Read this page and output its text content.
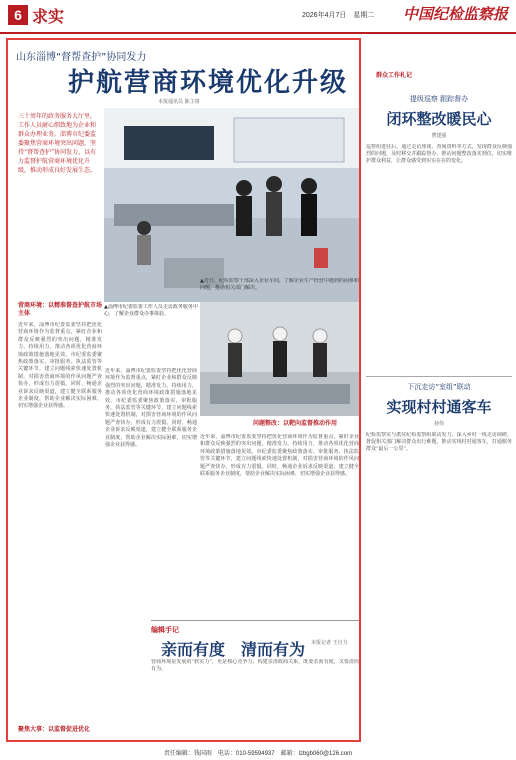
6 求实	2026年4月7日　星期二 中国纪检监察报
山东淄博“督帮查护”协同发力
护航营商环境优化升级
本报通讯员 陈主将
三十周年的政务服务大厅里，工作人员耐心细致地为企业和群众办理业务。淄博市纪委监委聚焦营商环境突出问题，坚持“督帮查护”协同发力，以有力监督护航营商环境优化升级，推动形成良好发展生态。
▲淄博市纪委监委工作人员走访政务服务中心，了解企业群众办事体验。
营商环境：以精准督查护航市场主体
近年来，淄博市纪委监委坚持把优化营商环境作为监督重点，紧盯企业和群众反映强烈的突出问题，精准发力、持续用力，推动各项优化营商环境政策措施落地见效。市纪委监委聚焦政策落实、审批服务、执法监管等关键环节，建立问题线索快速处置机制，对损害营商环境的作风问题严查快办，形成有力震慑。同时，畅通企业诉求反映渠道，建立健全联系服务企业制度，帮助企业解决实际困难，切实增强企业获得感。
近年来，淄博市纪委监委坚持把优化营商环境作为监督重点，紧盯企业和群众反映强烈的突出问题，精准发力、持续用力，推动各项优化营商环境政策措施落地见效。市纪委监委聚焦政策落实、审批服务、执法监管等关键环节，建立问题线索快速处置机制，对损害营商环境的作风问题严查快办，形成有力震慑。同时，畅通企业诉求反映渠道，建立健全联系服务企业制度，帮助企业解决实际困难，切实增强企业获得感。
▲近日，纪检监察干部深入企业车间，了解企业生产经营中遇到的困难和问题，推动相关部门解决。
问题整改：以靶向监督推动作用
近年来，淄博市纪委监委坚持把优化营商环境作为监督重点，紧盯企业和群众反映强烈的突出问题，精准发力、持续用力，推动各项优化营商环境政策措施落地见效。市纪委监委聚焦政策落实、审批服务、执法监管等关键环节，建立问题线索快速处置机制，对损害营商环境的作风问题严查快办，形成有力震慑。同时，畅通企业诉求反映渠道，建立健全联系服务企业制度，帮助企业解决实际困难，切实增强企业获得感。
聚焦大事：以监督促进优化
编辑手记
亲而有度　清而有为 本报记者 王自力
营商环境是发展的“软实力”，更是核心竞争力。构建亲清政商关系，既要亲而有度，又要清而有为。
群众工作札记
提级巡察 跟踪督办
闭环整改暖民心
曹建强
巡察组进驻后，通过走访座谈、查阅资料等方式，发现群众反映强烈的问题，及时移交并跟踪督办，推动问题整改落实到位，切实维护群众利益，让群众感受到实实在在的变化。
下沉走访“室组”联动
实现村村通客车
孙伟
纪检监察室与派驻纪检监察组联动发力，深入乡村一线走访调研，督促相关部门解决群众出行难题，推动实现村村通客车，打通服务群众“最后一公里”。
责任编辑：钱国雨　电话：010-59594937　邮箱：lzbgb060@126.com
